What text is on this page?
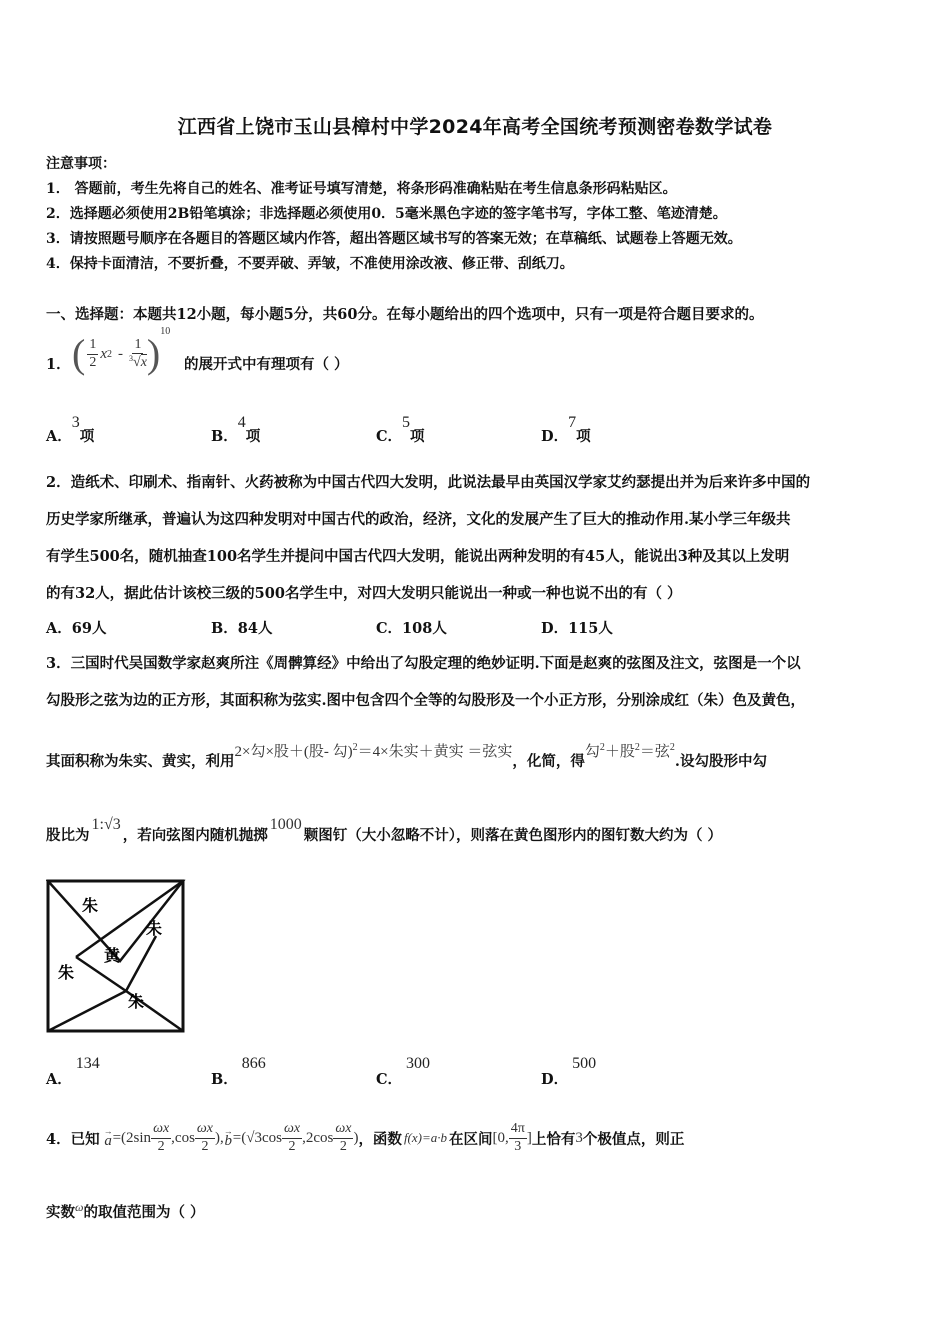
江西省上饶市玉山县樟村中学2024年高考全国统考预测密卷数学试卷
注意事项：
1． 答题前，考生先将自己的姓名、准考证号填写清楚，将条形码准确粘贴在考生信息条形码粘贴区。
2．选择题必须使用2B铅笔填涂；非选择题必须使用0．5毫米黑色字迹的签字笔书写，字体工整、笔迹清楚。
3．请按照题号顺序在各题目的答题区域内作答，超出答题区域书写的答案无效；在草稿纸、试题卷上答题无效。
4．保持卡面清洁，不要折叠，不要弄破、弄皱，不准使用涂改液、修正带、刮纸刀。
一、选择题：本题共12小题，每小题5分，共60分。在每小题给出的四个选项中，只有一项是符合题目要求的。
1． ( $\frac{1}{2}$ x $2 - \frac{1}{^3√x}$ ) 10
的展开式中有理项有（ ）
A．3项	B．4项	C．5项	D．7项
2．造纸术、印刷术、指南针、火药被称为中国古代四大发明，此说法最早由英国汉学家艾约瑟提出并为后来许多中国的
历史学家所继承，普遍认为这四种发明对中国古代的政治，经济，文化的发展产生了巨大的推动作用.某小学三年级共
有学生500名，随机抽查100名学生并提问中国古代四大发明，能说出两种发明的有45人，能说出3种及其以上发明
的有32人，据此估计该校三级的500名学生中，对四大发明只能说出一种或一种也说不出的有（ ）
A．69人	B．84人	C．108人	D．115人
3．三国时代吴国数学家赵爽所注《周髀算经》中给出了勾股定理的绝妙证明.下面是赵爽的弦图及注文，弦图是一个以
勾股形之弦为边的正方形，其面积称为弦实.图中包含四个全等的勾股形及一个小正方形，分别涂成红（朱）色及黄色，
其面积称为朱实、黄实，利用
2×勾×股＋(股- 勾)$^2$＝4×朱实＋黄实 ＝弦实
，化简，得
勾$^2$＋股$^2$＝弦$^2$
.设勾股形中勾
股比为
1:√3
，若向弦图内随机抛掷
1000
颗图钉（大小忽略不计），则落在黄色图形内的图钉数大约为（ ）
朱
朱
黄
朱
朱
A．134
B．866
C．300
D．500
4．已知 →
$a =(2\sin \frac{\omega x}{2} ,\cos \frac{\omega x}{2}$ ), →
$b =(√3\cos \frac{\omega x}{2} ,2\cos \frac{\omega x}{2}$ ) ，函数 f(x)=a·b 在区间 [0, $\frac{4\pi}{3}$ ] 上恰有 3 个极值点，则正
实数$^\omega$的取值范围为（ ）
